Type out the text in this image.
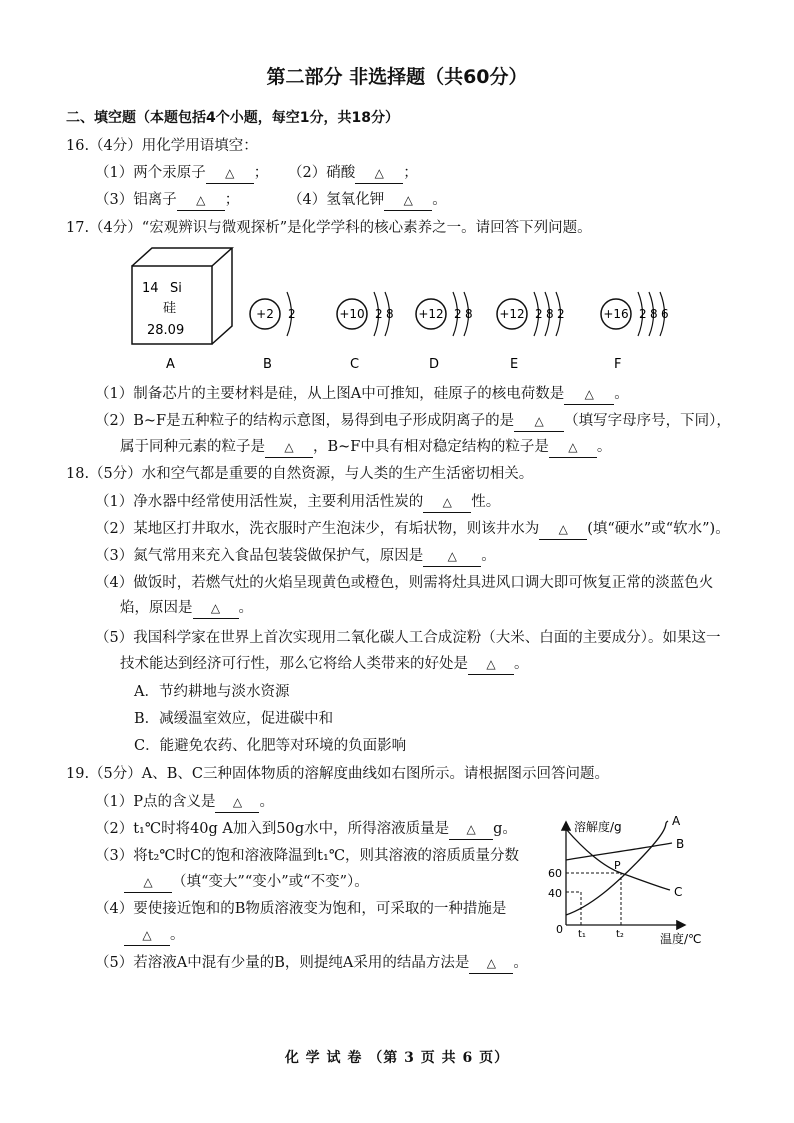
第二部分 非选择题（共60分）
二、填空题（本题包括4个小题，每空1分，共18分）
16.（4分）用化学用语填空：
（1）两个汞原子 △ ； （2）硝酸 △ ；
（3）铝离子 △ ；	（4）氢氧化钾 △ 。
17.（4分）“宏观辨识与微观探析”是化学学科的核心素养之一。请回答下列问题。
14 Si
硅
28.09
A
+2 2
B
+10 2 8
C
+12 2 8
D
+12 2 8 2
E
+16 2 8 6
F
（1）制备芯片的主要材料是硅，从上图A中可推知，硅原子的核电荷数是 △ 。
（2）B~F是五种粒子的结构示意图，易得到电子形成阴离子的是 △ （填写字母序号，下同），
属于同种元素的粒子是 △ ，B~F中具有相对稳定结构的粒子是 △ 。
18.（5分）水和空气都是重要的自然资源，与人类的生产生活密切相关。
（1）净水器中经常使用活性炭，主要利用活性炭的 △ 性。
（2）某地区打井取水，洗衣服时产生泡沫少，有垢状物，则该井水为 △ (填“硬水”或“软水”)。
（3）氮气常用来充入食品包装袋做保护气，原因是 △ 。
（4）做饭时，若燃气灶的火焰呈现黄色或橙色，则需将灶具进风口调大即可恢复正常的淡蓝色火
焰，原因是 △ 。
（5）我国科学家在世界上首次实现用二氧化碳人工合成淀粉（大米、白面的主要成分）。如果这一
技术能达到经济可行性，那么它将给人类带来的好处是 △ 。
A．节约耕地与淡水资源
B．减缓温室效应，促进碳中和
C．能避免农药、化肥等对环境的负面影响
19.（5分）A、B、C三种固体物质的溶解度曲线如右图所示。请根据图示回答问题。
（1）P点的含义是 △ 。
（2）t₁℃时将40g A加入到50g水中，所得溶液质量是 △ g。
（3）将t₂℃时C的饱和溶液降温到t₁℃，则其溶液的溶质质量分数
△ （填“变大”“变小”或“不变”）。
（4）要使接近饱和的B物质溶液变为饱和，可采取的一种措施是
△ 。
（5）若溶液A中混有少量的B，则提纯A采用的结晶方法是 △ 。
溶解度/g
温度/℃
0
60
40
t₁	t₂
A
B
C
P
化 学 试 卷 （第 3 页 共 6 页）
